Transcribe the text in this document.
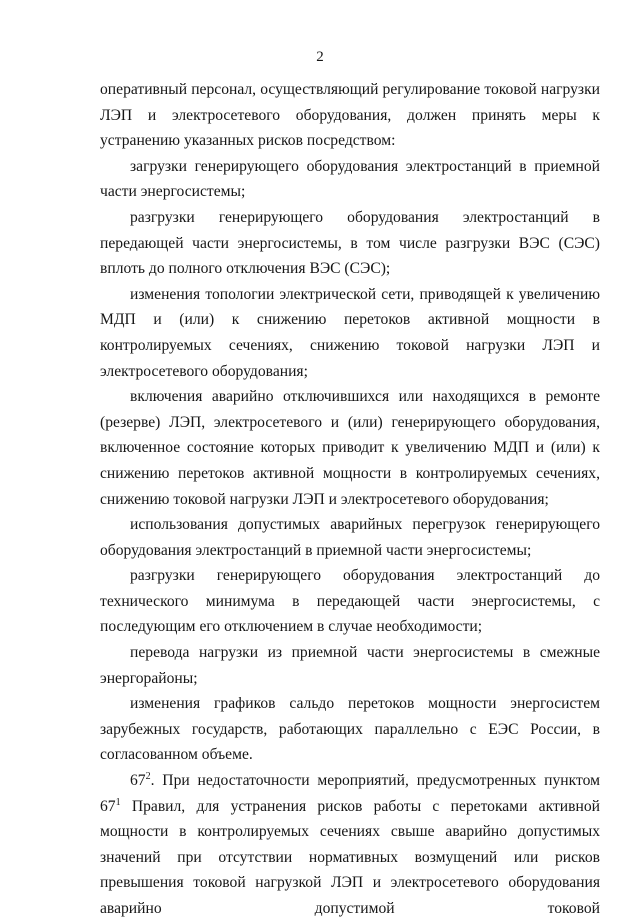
2

оперативный персонал, осуществляющий регулирование токовой нагрузки ЛЭП и электросетевого оборудования, должен принять меры к устранению указанных рисков посредством:

загрузки генерирующего оборудования электростанций в приемной части энергосистемы;

разгрузки генерирующего оборудования электростанций в передающей части энергосистемы, в том числе разгрузки ВЭС (СЭС) вплоть до полного отключения ВЭС (СЭС);

изменения топологии электрической сети, приводящей к увеличению МДП и (или) к снижению перетоков активной мощности в контролируемых сечениях, снижению токовой нагрузки ЛЭП и электросетевого оборудования;

включения аварийно отключившихся или находящихся в ремонте (резерве) ЛЭП, электросетевого и (или) генерирующего оборудования, включенное состояние которых приводит к увеличению МДП и (или) к снижению перетоков активной мощности в контролируемых сечениях, снижению токовой нагрузки ЛЭП и электросетевого оборудования;

использования допустимых аварийных перегрузок генерирующего оборудования электростанций в приемной части энергосистемы;

разгрузки генерирующего оборудования электростанций до технического минимума в передающей части энергосистемы, с последующим его отключением в случае необходимости;

перевода нагрузки из приемной части энергосистемы в смежные энергорайоны;

изменения графиков сальдо перетоков мощности энергосистем зарубежных государств, работающих параллельно с ЕЭС России, в согласованном объеме.

$67^2$. При недостаточности мероприятий, предусмотренных пунктом $67^1$ Правил, для устранения рисков работы с перетоками активной мощности в контролируемых сечениях свыше аварийно допустимых значений при отсутствии нормативных возмущений или рисков превышения токовой нагрузкой ЛЭП и электросетевого оборудования аварийно допустимой токовой
